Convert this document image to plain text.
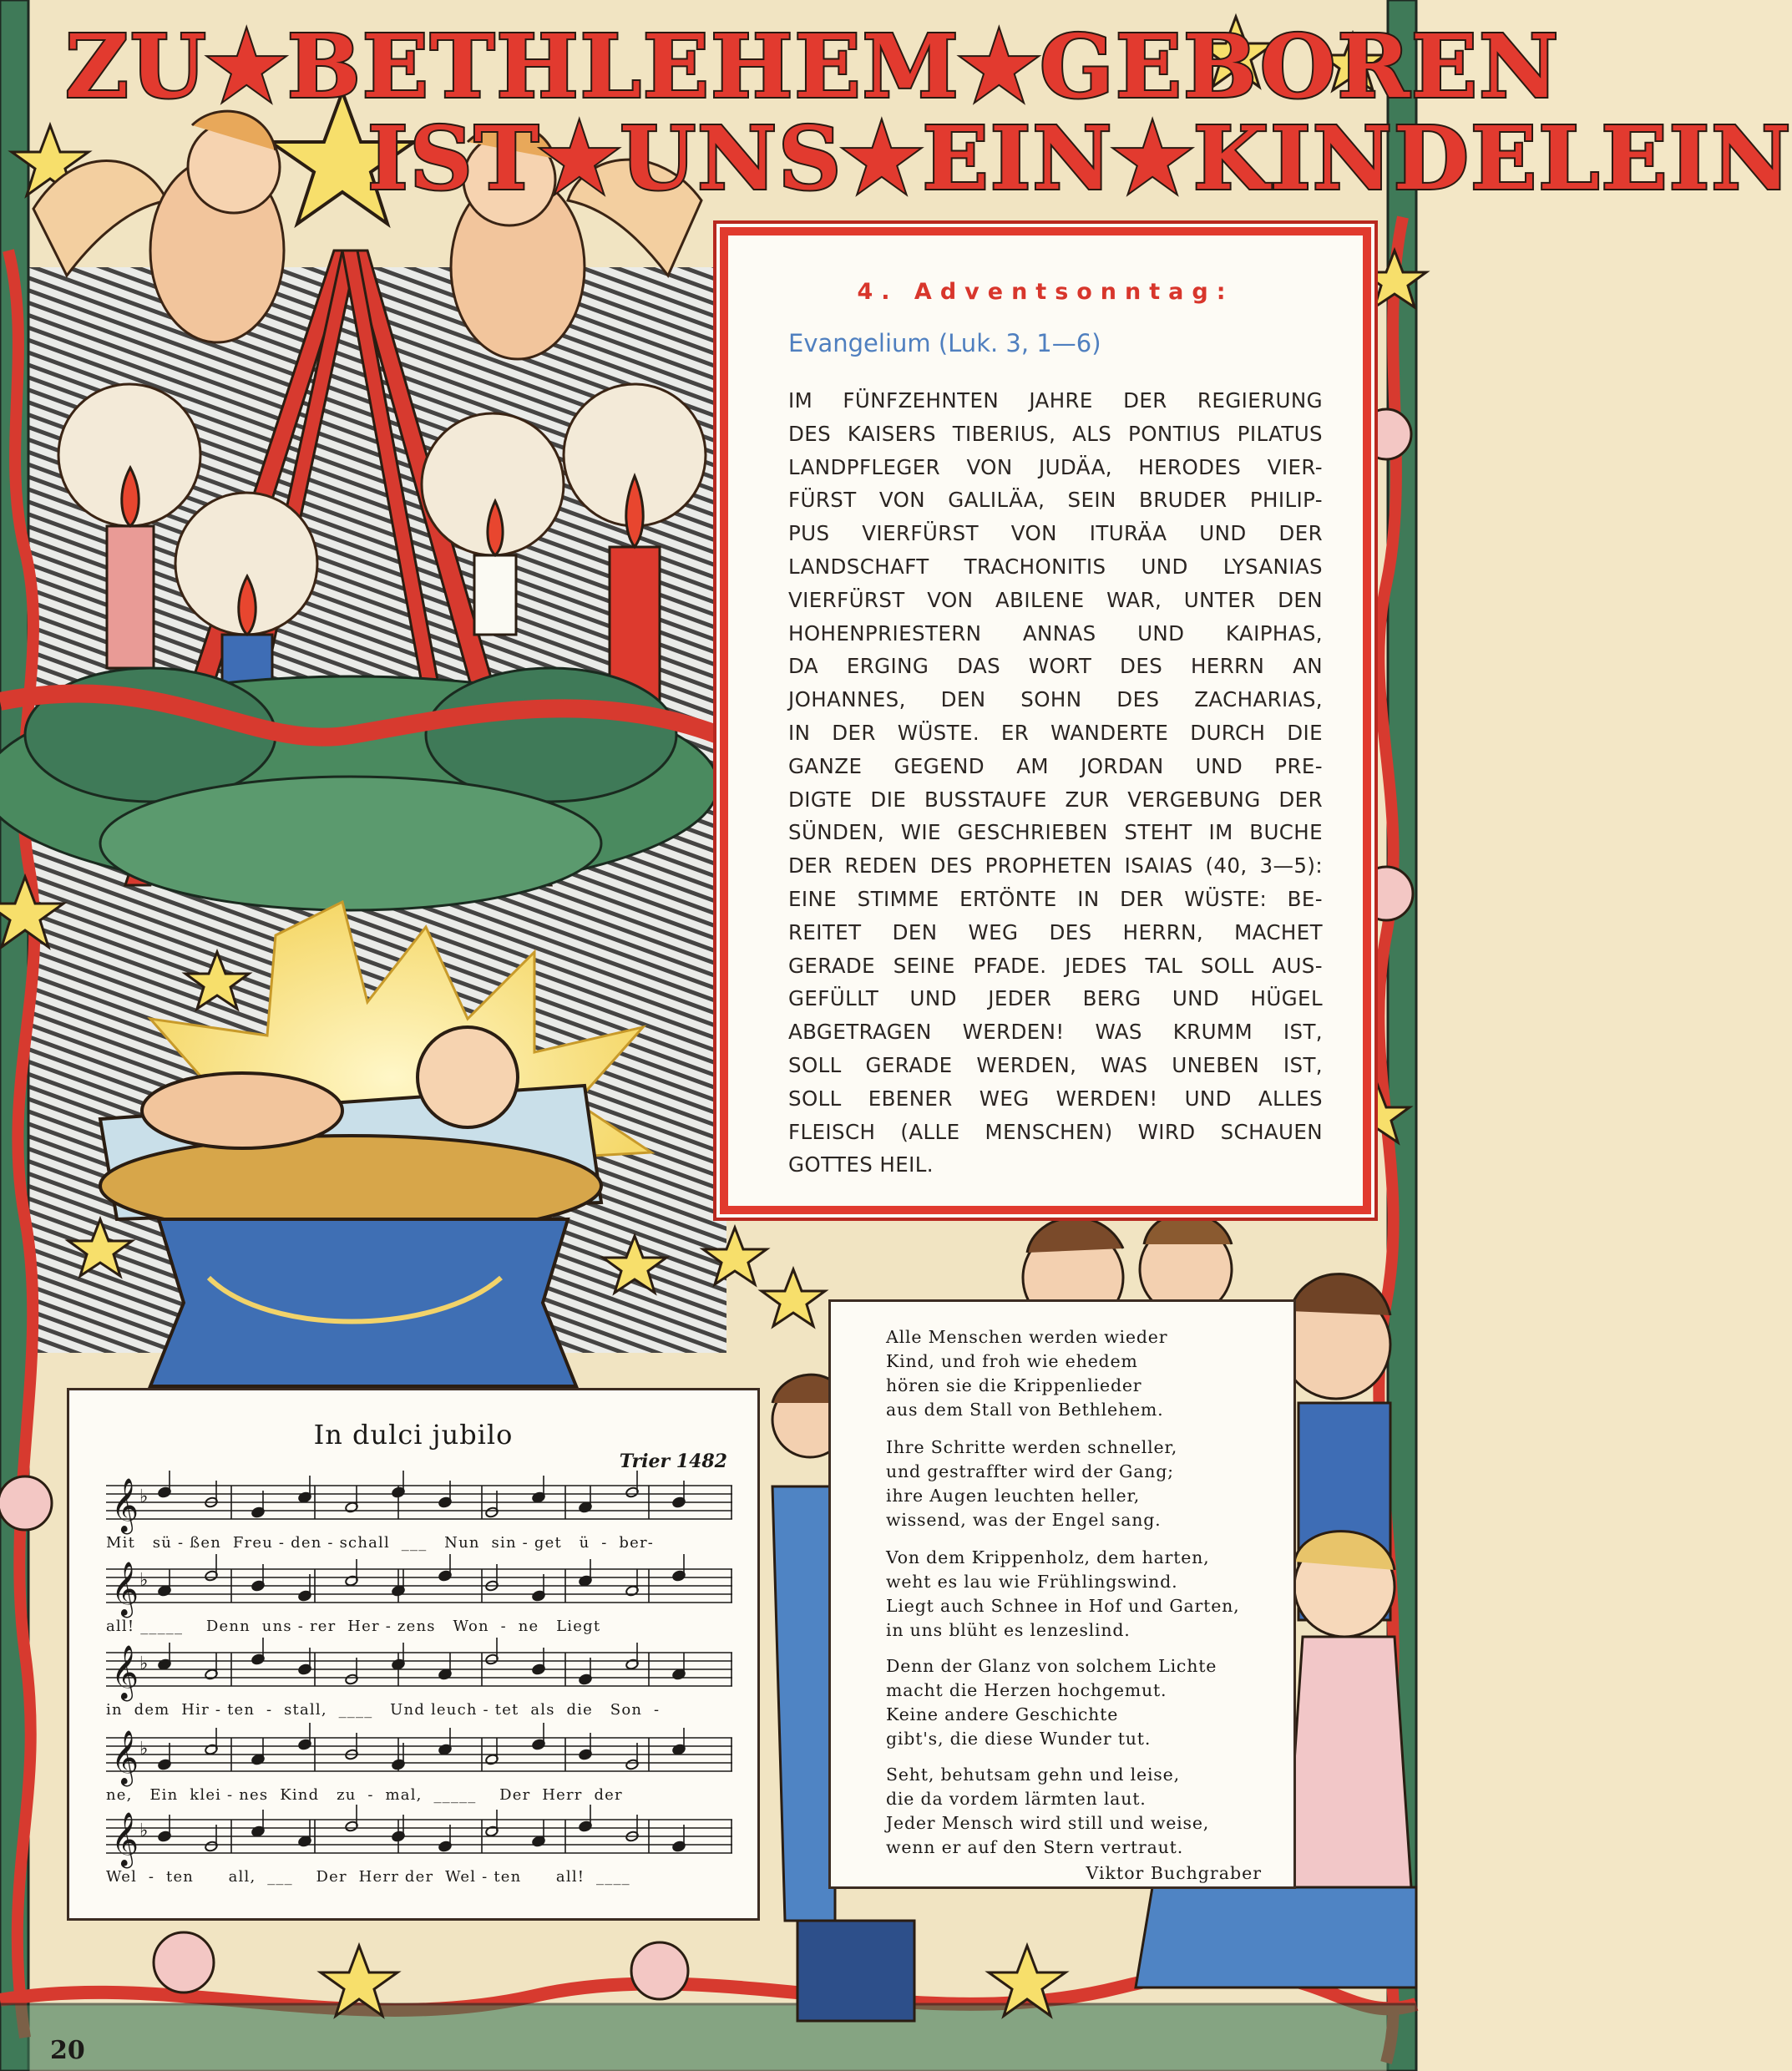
ZU★BETHLEHEM★GEBOREN
IST★UNS★EIN★KINDELEIN
4. Adventsonntag:
Evangelium (Luk. 3, 1—6)
IM FÜNFZEHNTEN JAHRE DER REGIERUNG
DES KAISERS TIBERIUS, ALS PONTIUS PILATUS
LANDPFLEGER VON JUDÄA, HERODES VIER-
FÜRST VON GALILÄA, SEIN BRUDER PHILIP-
PUS VIERFÜRST VON ITURÄA UND DER
LANDSCHAFT TRACHONITIS UND LYSANIAS
VIERFÜRST VON ABILENE WAR, UNTER DEN
HOHENPRIESTERN ANNAS UND KAIPHAS,
DA ERGING DAS WORT DES HERRN AN
JOHANNES, DEN SOHN DES ZACHARIAS,
IN DER WÜSTE. ER WANDERTE DURCH DIE
GANZE GEGEND AM JORDAN UND PRE-
DIGTE DIE BUSSTAUFE ZUR VERGEBUNG DER
SÜNDEN, WIE GESCHRIEBEN STEHT IM BUCHE
DER REDEN DES PROPHETEN ISAIAS (40, 3—5):
EINE STIMME ERTÖNTE IN DER WÜSTE: BE-
REITET DEN WEG DES HERRN, MACHET
GERADE SEINE PFADE. JEDES TAL SOLL AUS-
GEFÜLLT UND JEDER BERG UND HÜGEL
ABGETRAGEN WERDEN! WAS KRUMM IST,
SOLL GERADE WERDEN, WAS UNEBEN IST,
SOLL EBENER WEG WERDEN! UND ALLES
FLEISCH (ALLE MENSCHEN) WIRD SCHAUEN
GOTTES HEIL.
In dulci jubilo
Trier 1482
𝄞 ♭
Mit   sü - ßen  Freu - den - schall  ___   Nun  sin - get   ü  -  ber-
𝄞 ♭
all! _____    Denn  uns - rer  Her - zens   Won  -  ne   Liegt
𝄞 ♭
in  dem  Hir - ten  -  stall,  ____   Und leuch - tet  als  die   Son  -
𝄞 ♭
ne,   Ein  klei - nes  Kind   zu  -  mal,  _____    Der  Herr  der
𝄞 ♭
Wel  -  ten      all,  ___    Der  Herr der  Wel - ten      all!  ____
Alle Menschen werden wieder
Kind, und froh wie ehedem
hören sie die Krippenlieder
aus dem Stall von Bethlehem.
Ihre Schritte werden schneller,
und gestraffter wird der Gang;
ihre Augen leuchten heller,
wissend, was der Engel sang.
Von dem Krippenholz, dem harten,
weht es lau wie Frühlingswind.
Liegt auch Schnee in Hof und Garten,
in uns blüht es lenzeslind.
Denn der Glanz von solchem Lichte
macht die Herzen hochgemut.
Keine andere Geschichte
gibt's, die diese Wunder tut.
Seht, behutsam gehn und leise,
die da vordem lärmten laut.
Jeder Mensch wird still und weise,
wenn er auf den Stern vertraut.
Viktor Buchgraber
20
